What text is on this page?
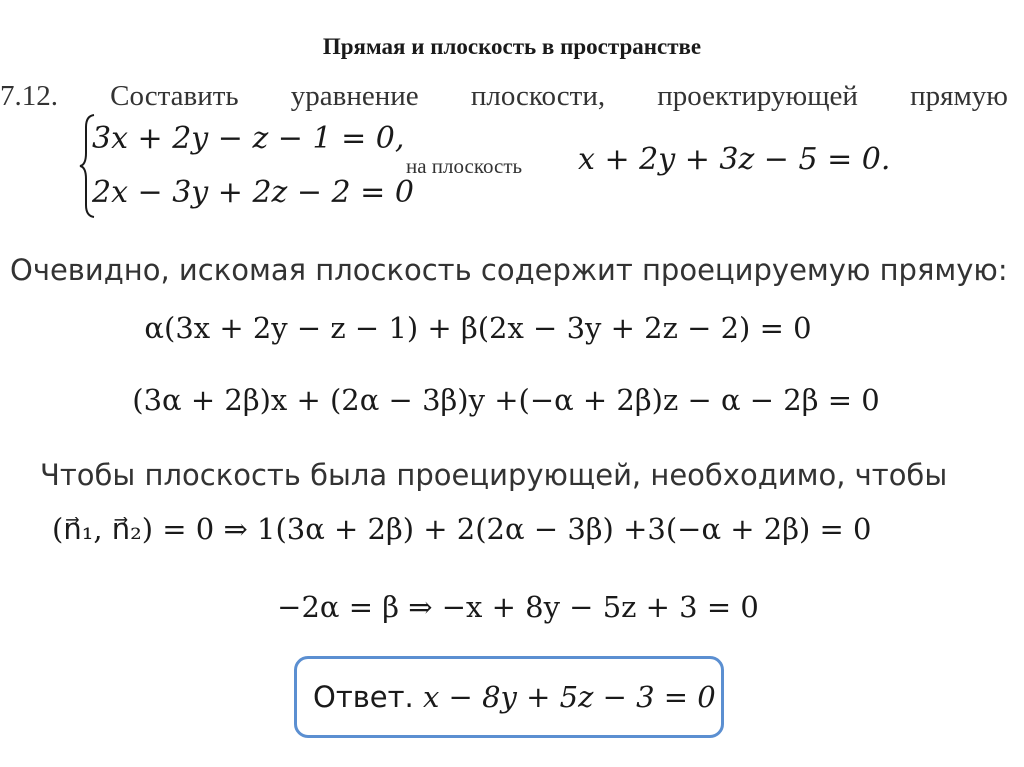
Прямая и плоскость в пространстве
7.12. Составить уравнение плоскости, проектирующей прямую
3x + 2y − z − 1 = 0,
2x − 3y + 2z − 2 = 0
на плоскость x + 2y + 3z − 5 = 0.
Очевидно, искомая плоскость содержит проецируемую прямую:
α(3x + 2y − z − 1) + β(2x − 3y + 2z − 2) = 0
(3α + 2β)x + (2α − 3β)y +(−α + 2β)z − α − 2β = 0
Чтобы плоскость была проецирующей, необходимо, чтобы
(n⃗₁, n⃗₂) = 0 ⇒ 1(3α + 2β) + 2(2α − 3β) +3(−α + 2β) = 0
−2α = β ⇒ −x + 8y − 5z + 3 = 0
Ответ. x − 8y + 5z − 3 = 0
